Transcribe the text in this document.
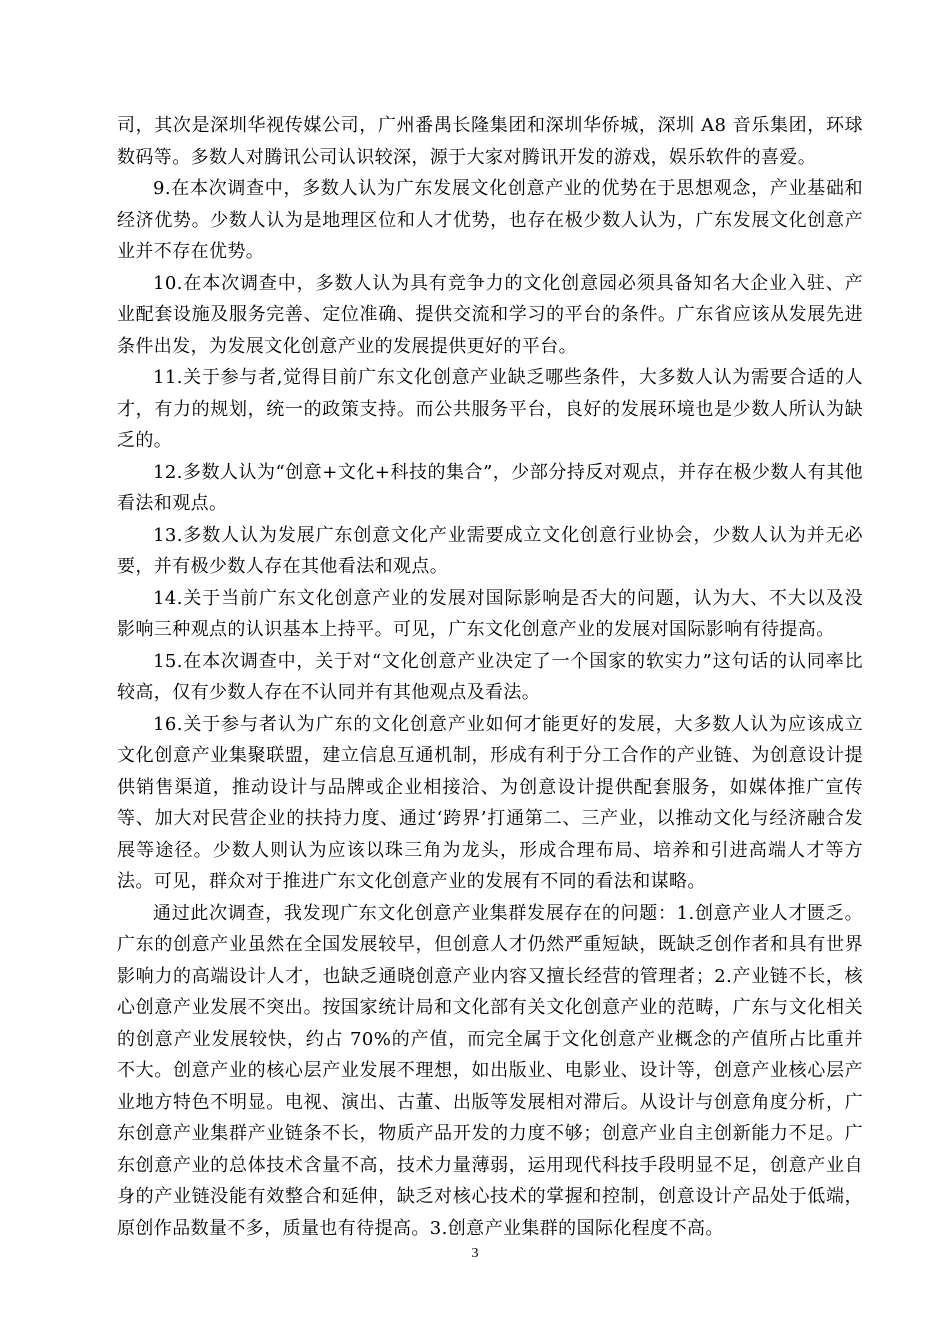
司，其次是深圳华视传媒公司，广州番禺长隆集团和深圳华侨城，深圳 A8 音乐集团，环球数码等。多数人对腾讯公司认识较深，源于大家对腾讯开发的游戏，娱乐软件的喜爱。

9.在本次调查中，多数人认为广东发展文化创意产业的优势在于思想观念，产业基础和经济优势。少数人认为是地理区位和人才优势，也存在极少数人认为，广东发展文化创意产业并不存在优势。

10.在本次调查中，多数人认为具有竞争力的文化创意园必须具备知名大企业入驻、产业配套设施及服务完善、定位准确、提供交流和学习的平台的条件。广东省应该从发展先进条件出发，为发展文化创意产业的发展提供更好的平台。

11.关于参与者,觉得目前广东文化创意产业缺乏哪些条件，大多数人认为需要合适的人才，有力的规划，统一的政策支持。而公共服务平台，良好的发展环境也是少数人所认为缺乏的。

12.多数人认为“创意+文化+科技的集合”，少部分持反对观点，并存在极少数人有其他看法和观点。

13.多数人认为发展广东创意文化产业需要成立文化创意行业协会，少数人认为并无必要，并有极少数人存在其他看法和观点。

14.关于当前广东文化创意产业的发展对国际影响是否大的问题，认为大、不大以及没影响三种观点的认识基本上持平。可见，广东文化创意产业的发展对国际影响有待提高。

15.在本次调查中，关于对“文化创意产业决定了一个国家的软实力”这句话的认同率比较高，仅有少数人存在不认同并有其他观点及看法。

16.关于参与者认为广东的文化创意产业如何才能更好的发展，大多数人认为应该成立文化创意产业集聚联盟，建立信息互通机制，形成有利于分工合作的产业链、为创意设计提供销售渠道，推动设计与品牌或企业相接洽、为创意设计提供配套服务，如媒体推广宣传等、加大对民营企业的扶持力度、通过‘跨界’打通第二、三产业，以推动文化与经济融合发展等途径。少数人则认为应该以珠三角为龙头，形成合理布局、培养和引进高端人才等方法。可见，群众对于推进广东文化创意产业的发展有不同的看法和谋略。

通过此次调查，我发现广东文化创意产业集群发展存在的问题：1.创意产业人才匮乏。广东的创意产业虽然在全国发展较早，但创意人才仍然严重短缺，既缺乏创作者和具有世界影响力的高端设计人才，也缺乏通晓创意产业内容又擅长经营的管理者；2.产业链不长，核心创意产业发展不突出。按国家统计局和文化部有关文化创意产业的范畴，广东与文化相关的创意产业发展较快，约占 70%的产值，而完全属于文化创意产业概念的产值所占比重并不大。创意产业的核心层产业发展不理想，如出版业、电影业、设计等，创意产业核心层产业地方特色不明显。电视、演出、古董、出版等发展相对滞后。从设计与创意角度分析，广东创意产业集群产业链条不长，物质产品开发的力度不够；创意产业自主创新能力不足。广东创意产业的总体技术含量不高，技术力量薄弱，运用现代科技手段明显不足，创意产业自身的产业链没能有效整合和延伸，缺乏对核心技术的掌握和控制，创意设计产品处于低端，原创作品数量不多，质量也有待提高。3.创意产业集群的国际化程度不高。

3
